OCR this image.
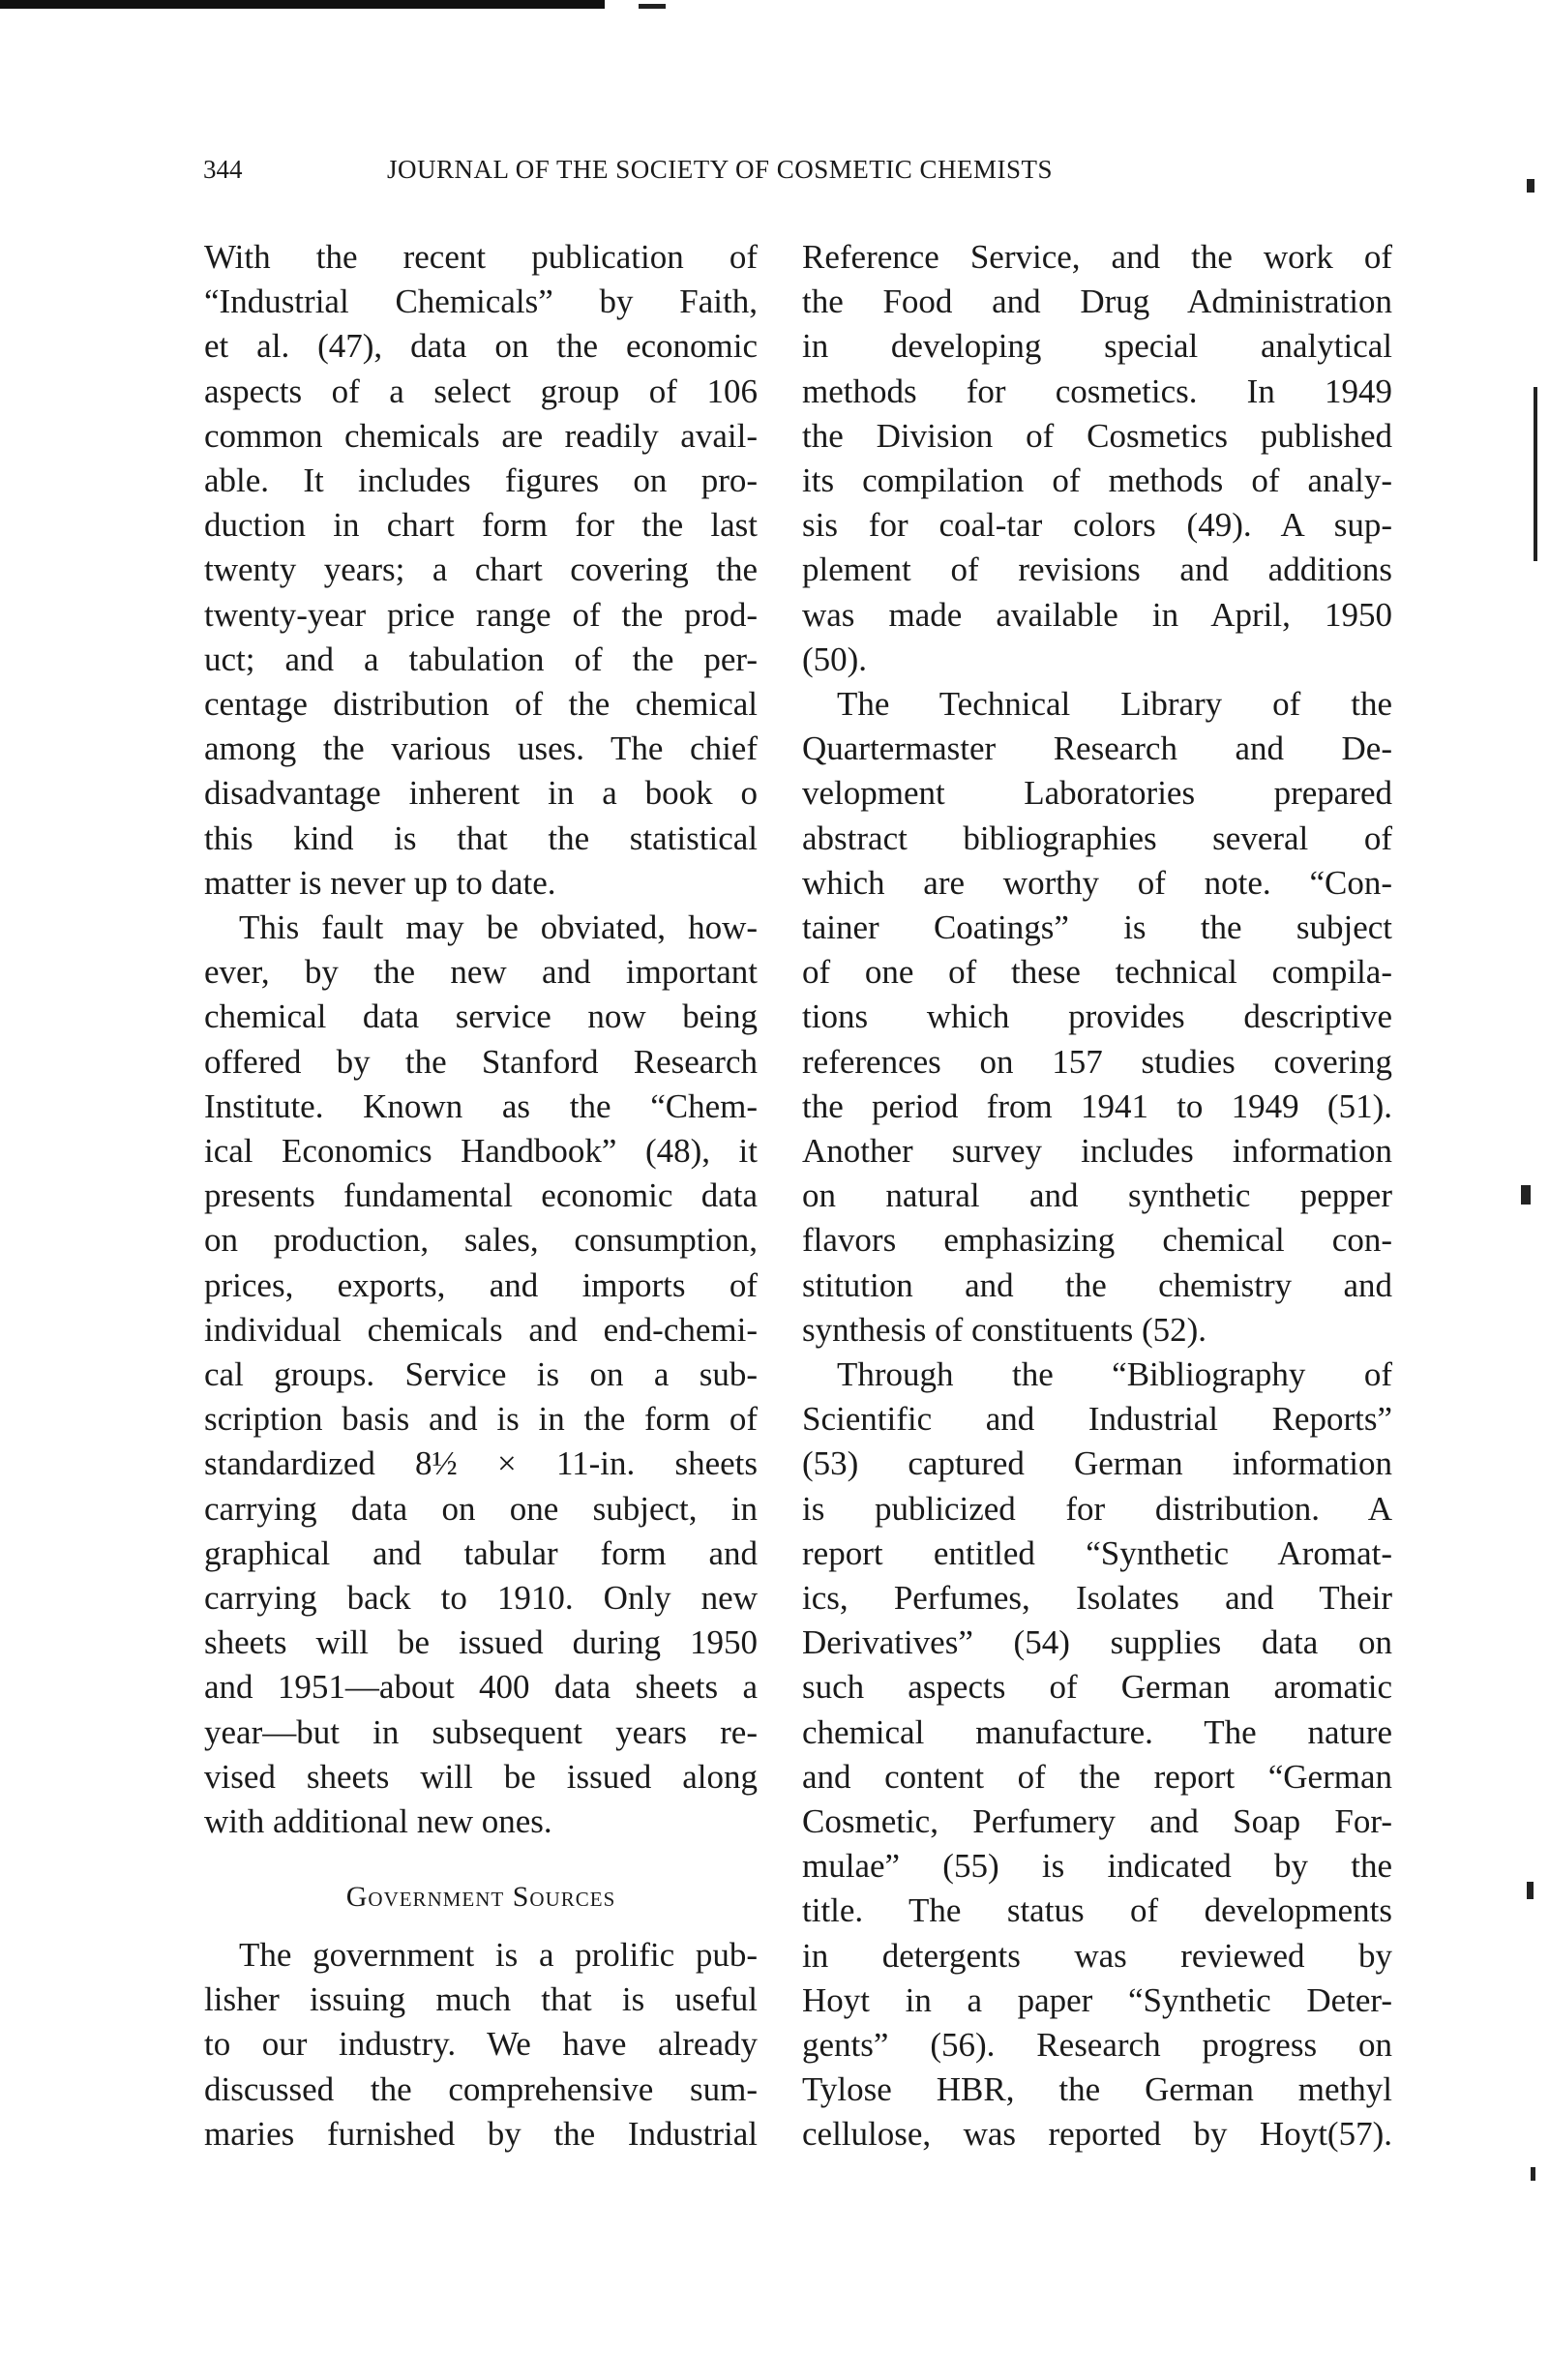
344	JOURNAL OF THE SOCIETY OF COSMETIC CHEMISTS
With the recent publication of
“Industrial Chemicals” by Faith,
et al. (47), data on the economic
aspects of a select group of 106
common chemicals are readily avail-
able. It includes figures on pro-
duction in chart form for the last
twenty years; a chart covering the
twenty-year price range of the prod-
uct; and a tabulation of the per-
centage distribution of the chemical
among the various uses. The chief
disadvantage inherent in a book o
this kind is that the statistical
matter is never up to date.
This fault may be obviated, how-
ever, by the new and important
chemical data service now being
offered by the Stanford Research
Institute. Known as the “Chem-
ical Economics Handbook” (48), it
presents fundamental economic data
on production, sales, consumption,
prices, exports, and imports of
individual chemicals and end-chemi-
cal groups. Service is on a sub-
scription basis and is in the form of
standardized 8½ × 11-in. sheets
carrying data on one subject, in
graphical and tabular form and
carrying back to 1910. Only new
sheets will be issued during 1950
and 1951—about 400 data sheets a
year—but in subsequent years re-
vised sheets will be issued along
with additional new ones.
Government Sources
The government is a prolific pub-
lisher issuing much that is useful
to our industry. We have already
discussed the comprehensive sum-
maries furnished by the Industrial
Reference Service, and the work of
the Food and Drug Administration
in developing special analytical
methods for cosmetics. In 1949
the Division of Cosmetics published
its compilation of methods of analy-
sis for coal-tar colors (49). A sup-
plement of revisions and additions
was made available in April, 1950
(50).
The Technical Library of the
Quartermaster Research and De-
velopment Laboratories prepared
abstract bibliographies several of
which are worthy of note. “Con-
tainer Coatings” is the subject
of one of these technical compila-
tions which provides descriptive
references on 157 studies covering
the period from 1941 to 1949 (51).
Another survey includes information
on natural and synthetic pepper
flavors emphasizing chemical con-
stitution and the chemistry and
synthesis of constituents (52).
Through the “Bibliography of
Scientific and Industrial Reports”
(53) captured German information
is publicized for distribution. A
report entitled “Synthetic Aromat-
ics, Perfumes, Isolates and Their
Derivatives” (54) supplies data on
such aspects of German aromatic
chemical manufacture. The nature
and content of the report “German
Cosmetic, Perfumery and Soap For-
mulae” (55) is indicated by the
title. The status of developments
in detergents was reviewed by
Hoyt in a paper “Synthetic Deter-
gents” (56). Research progress on
Tylose HBR, the German methyl
cellulose, was reported by Hoyt(57).
